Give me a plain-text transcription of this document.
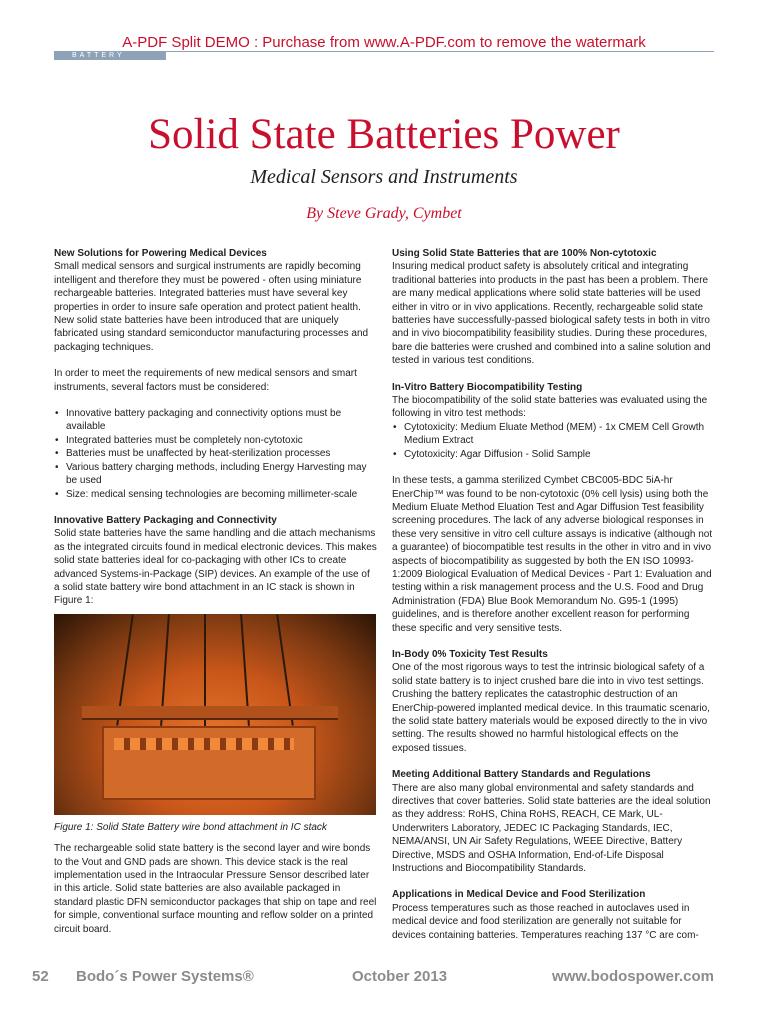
A-PDF Split DEMO : Purchase from www.A-PDF.com to remove the watermark
BATTERY
Solid State Batteries Power
Medical Sensors and Instruments
By Steve Grady, Cymbet
New Solutions for Powering Medical Devices

Small medical sensors and surgical instruments are rapidly becoming intelligent and therefore they must be powered - often using miniature rechargeable batteries. Integrated batteries must have several key properties in order to insure safe operation and protect patient health. New solid state batteries have been introduced that are uniquely fabricated using standard semiconductor manufacturing processes and packaging techniques.

In order to meet the requirements of new medical sensors and smart instruments, several factors must be considered:

• Innovative battery packaging and connectivity options must be available
• Integrated batteries must be completely non-cytotoxic
• Batteries must be unaffected by heat-sterilization processes
• Various battery charging methods, including Energy Harvesting may be used
• Size: medical sensing technologies are becoming millimeter-scale
Innovative Battery Packaging and Connectivity

Solid state batteries have the same handling and die attach mechanisms as the integrated circuits found in medical electronic devices. This makes solid state batteries ideal for co-packaging with other ICs to create advanced Systems-in-Package (SIP) devices. An example of the use of a solid state battery wire bond attachment in an IC stack is shown in Figure 1:

Figure 1: Solid State Battery wire bond attachment in IC stack

The rechargeable solid state battery is the second layer and wire bonds to the Vout and GND pads are shown. This device stack is the real implementation used in the Intraocular Pressure Sensor described later in this article. Solid state batteries are also available packaged in standard plastic DFN semiconductor packages that ship on tape and reel for simple, conventional surface mounting and reflow solder on a printed circuit board.

Using Solid State Batteries that are 100% Non-cytotoxic

Insuring medical product safety is absolutely critical and integrating traditional batteries into products in the past has been a problem. There are many medical applications where solid state batteries will be used either in vitro or in vivo applications. Recently, rechargeable solid state batteries have successfully-passed biological safety tests in both in vitro and in vivo biocompatibility feasibility studies. During these procedures, bare die batteries were crushed and combined into a saline solution and tested in various test conditions.

In-Vitro Battery Biocompatibility Testing

The biocompatibility of the solid state batteries was evaluated using the following in vitro test methods:

• Cytotoxicity: Medium Eluate Method (MEM) - 1x CMEM Cell Growth Medium Extract
• Cytotoxicity: Agar Diffusion - Solid Sample

In these tests, a gamma sterilized Cymbet CBC005-BDC 5iA-hr EnerChip™ was found to be non-cytotoxic (0% cell lysis) using both the Medium Eluate Method Eluation Test and Agar Diffusion Test feasibility screening procedures. The lack of any adverse biological responses in these very sensitive in vitro cell culture assays is indicative (although not a guarantee) of biocompatible test results in the other in vitro and in vivo aspects of biocompatibility as suggested by both the EN ISO 10993-1:2009 Biological Evaluation of Medical Devices - Part 1: Evaluation and testing within a risk management process and the U.S. Food and Drug Administration (FDA) Blue Book Memorandum No. G95-1 (1995) guidelines, and is therefore another excellent reason for performing these specific and very sensitive tests.

In-Body 0% Toxicity Test Results

One of the most rigorous ways to test the intrinsic biological safety of a solid state battery is to inject crushed bare die into in vivo test settings. Crushing the battery replicates the catastrophic destruction of an EnerChip-powered implanted medical device. In this traumatic scenario, the solid state battery materials would be exposed directly to the in vivo setting. The results showed no harmful histological effects on the exposed tissues.

Meeting Additional Battery Standards and Regulations

There are also many global environmental and safety standards and directives that cover batteries. Solid state batteries are the ideal solution as they address: RoHS, China RoHS, REACH, CE Mark, UL-Underwriters Laboratory, JEDEC IC Packaging Standards, IEC, NEMA/ANSI, UN Air Safety Regulations, WEEE Directive, Battery Directive, MSDS and OSHA Information, End-of-Life Disposal Instructions and Biocompatibility Standards.

Applications in Medical Device and Food Sterilization

Process temperatures such as those reached in autoclaves used in medical device and food sterilization are generally not suitable for devices containing batteries. Temperatures reaching 137 °C are com-

52 Bodo´s Power Systems®	October 2013	www.bodospower.com
